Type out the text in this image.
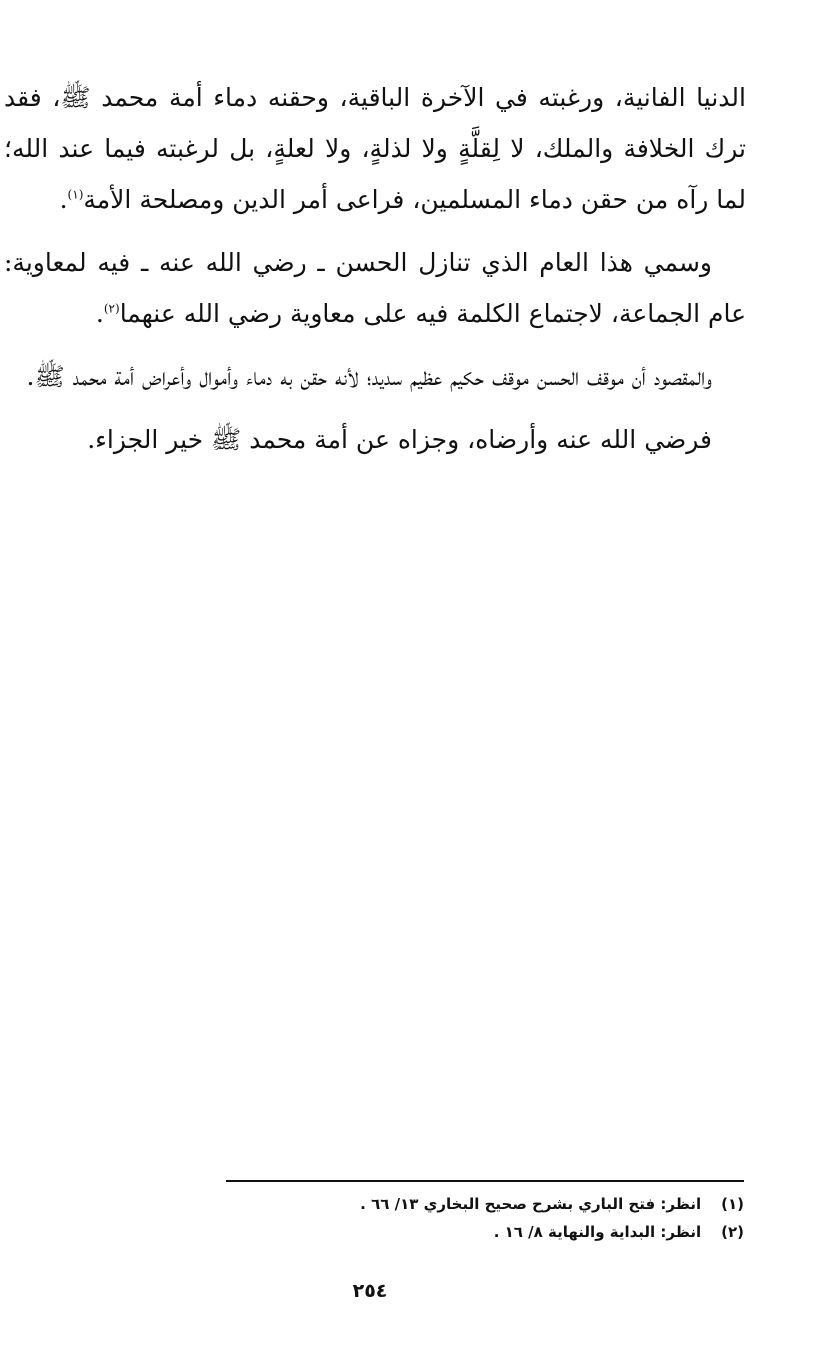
الدنيا الفانية، ورغبته في الآخرة الباقية، وحقنه دماء أمة محمد ﷺ، فقد ترك الخلافة والملك، لا لِقلَّةٍ ولا لذلةٍ، ولا لعلةٍ، بل لرغبته فيما عند الله؛ لما رآه من حقن دماء المسلمين، فراعى أمر الدين ومصلحة الأمة$^{(١)}$.

وسمي هذا العام الذي تنازل الحسن ـ رضي الله عنه ـ فيه لمعاوية: عام الجماعة، لاجتماع الكلمة فيه على معاوية رضي الله عنهما$^{(٢)}$.

والمقصود أن موقف الحسن موقف حكيم عظيم سديد؛ لأنه حقن به دماء وأموال وأعراض أمة محمد ﷺ.

فرضي الله عنه وأرضاه، وجزاه عن أمة محمد ﷺ خير الجزاء.

(١)
انظر: فتح الباري بشرح صحيح البخاري ١٣/ ٦٦ .
(٢)
انظر: البداية والنهاية ٨/ ١٦ .
٢٥٤
